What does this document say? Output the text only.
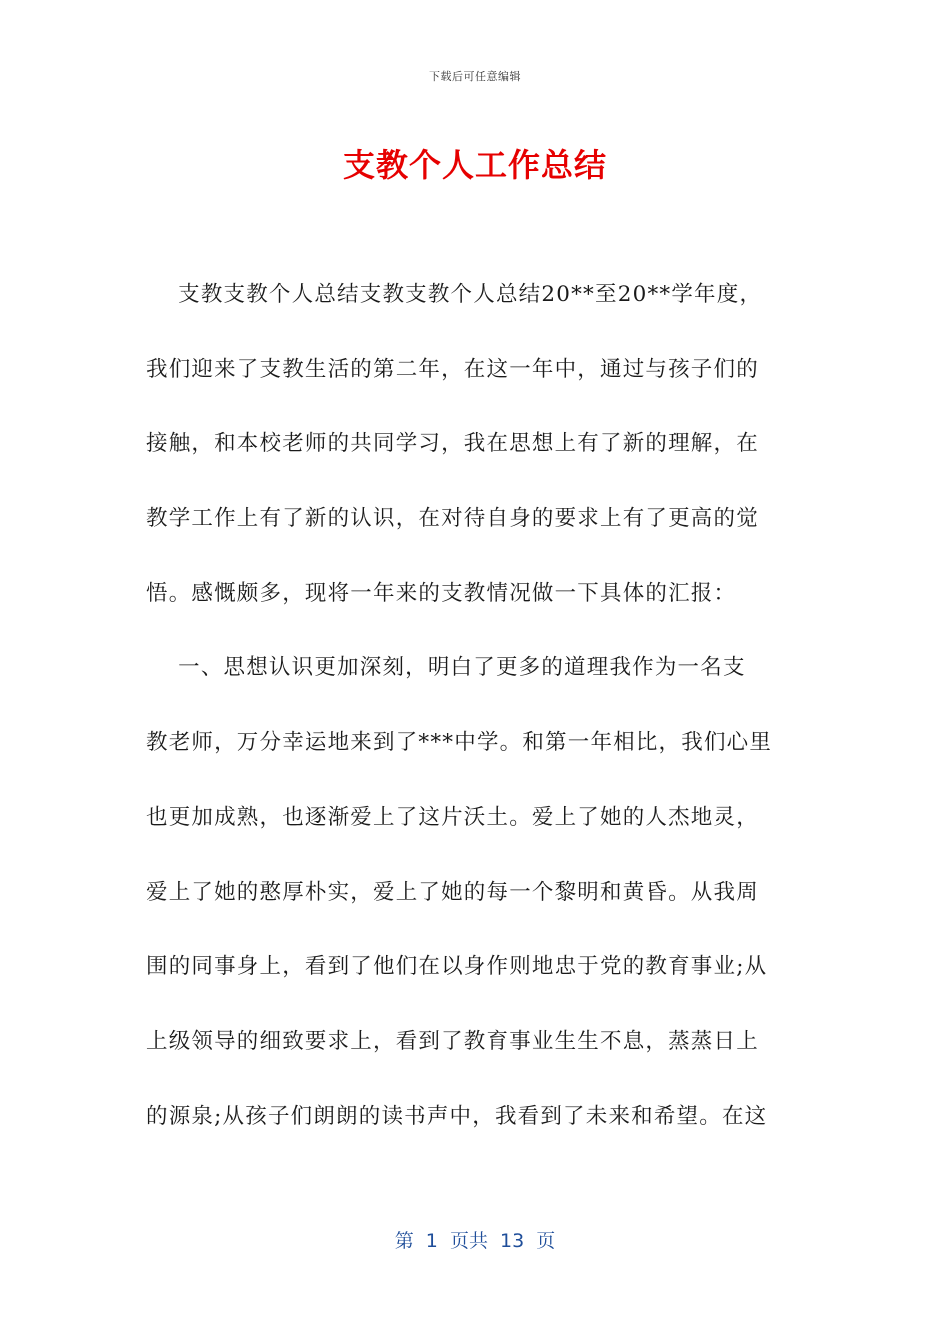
下载后可任意编辑
支教个人工作总结
支教支教个人总结支教支教个人总结20**至20**学年度，
我们迎来了支教生活的第二年，在这一年中，通过与孩子们的
接触，和本校老师的共同学习，我在思想上有了新的理解，在
教学工作上有了新的认识，在对待自身的要求上有了更高的觉
悟。感慨颇多，现将一年来的支教情况做一下具体的汇报：
一、思想认识更加深刻，明白了更多的道理我作为一名支
教老师，万分幸运地来到了***中学。和第一年相比，我们心里
也更加成熟，也逐渐爱上了这片沃土。爱上了她的人杰地灵，
爱上了她的憨厚朴实，爱上了她的每一个黎明和黄昏。从我周
围的同事身上，看到了他们在以身作则地忠于党的教育事业;从
上级领导的细致要求上，看到了教育事业生生不息，蒸蒸日上
的源泉;从孩子们朗朗的读书声中，我看到了未来和希望。在这
第  1  页共  13  页
